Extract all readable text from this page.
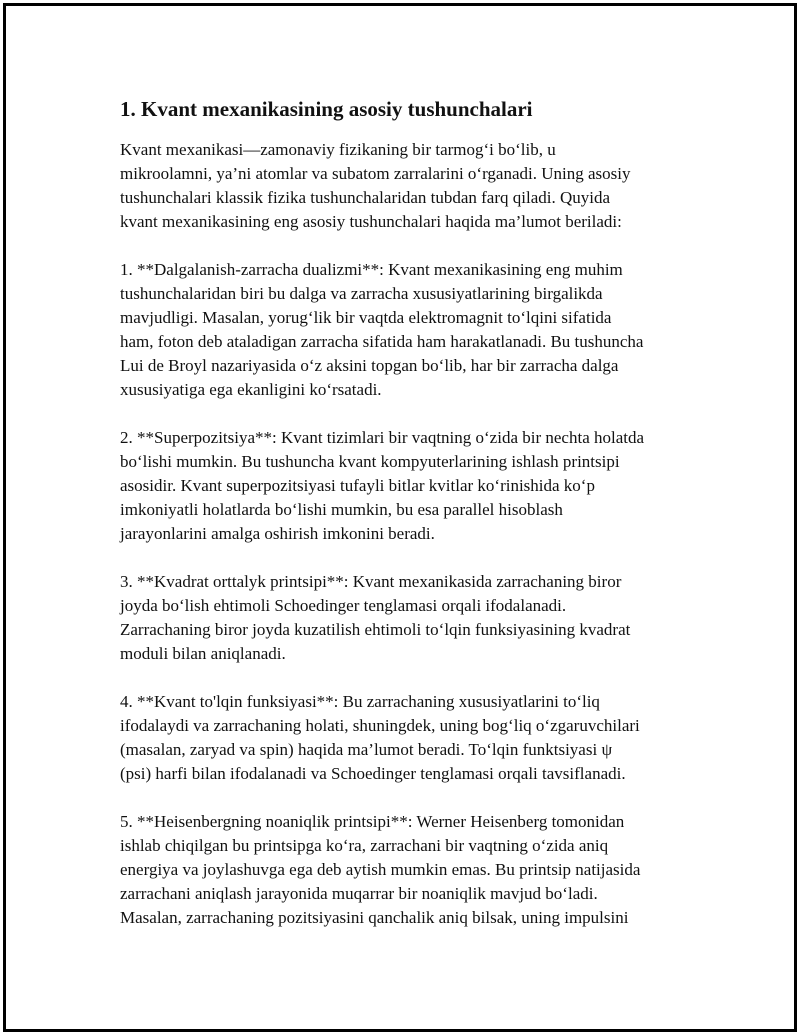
1. Kvant mexanikasining asosiy tushunchalari

Kvant mexanikasi—zamonaviy fizikaning bir tarmog‘i bo‘lib, u
mikroolamni, ya’ni atomlar va subatom zarralarini o‘rganadi. Uning asosiy
tushunchalari klassik fizika tushunchalaridan tubdan farq qiladi. Quyida
kvant mexanikasining eng asosiy tushunchalari haqida ma’lumot beriladi:

1. **Dalgalanish-zarracha dualizmi**: Kvant mexanikasining eng muhim
tushunchalaridan biri bu dalga va zarracha xususiyatlarining birgalikda
mavjudligi. Masalan, yorug‘lik bir vaqtda elektromagnit to‘lqini sifatida
ham, foton deb ataladigan zarracha sifatida ham harakatlanadi. Bu tushuncha
Lui de Broyl nazariyasida o‘z aksini topgan bo‘lib, har bir zarracha dalga
xususiyatiga ega ekanligini ko‘rsatadi.

2. **Superpozitsiya**: Kvant tizimlari bir vaqtning o‘zida bir nechta holatda
bo‘lishi mumkin. Bu tushuncha kvant kompyuterlarining ishlash printsipi
asosidir. Kvant superpozitsiyasi tufayli bitlar kvitlar ko‘rinishida ko‘p
imkoniyatli holatlarda bo‘lishi mumkin, bu esa parallel hisoblash
jarayonlarini amalga oshirish imkonini beradi.

3. **Kvadrat orttalyk printsipi**: Kvant mexanikasida zarrachaning biror
joyda bo‘lish ehtimoli Schoedinger tenglamasi orqali ifodalanadi.
Zarrachaning biror joyda kuzatilish ehtimoli to‘lqin funksiyasining kvadrat
moduli bilan aniqlanadi.

4. **Kvant to'lqin funksiyasi**: Bu zarrachaning xususiyatlarini to‘liq
ifodalaydi va zarrachaning holati, shuningdek, uning bog‘liq o‘zgaruvchilari
(masalan, zaryad va spin) haqida ma’lumot beradi. To‘lqin funktsiyasi ψ
(psi) harfi bilan ifodalanadi va Schoedinger tenglamasi orqali tavsiflanadi.

5. **Heisenbergning noaniqlik printsipi**: Werner Heisenberg tomonidan
ishlab chiqilgan bu printsipga ko‘ra, zarrachani bir vaqtning o‘zida aniq
energiya va joylashuvga ega deb aytish mumkin emas. Bu printsip natijasida
zarrachani aniqlash jarayonida muqarrar bir noaniqlik mavjud bo‘ladi.
Masalan, zarrachaning pozitsiyasini qanchalik aniq bilsak, uning impulsini
